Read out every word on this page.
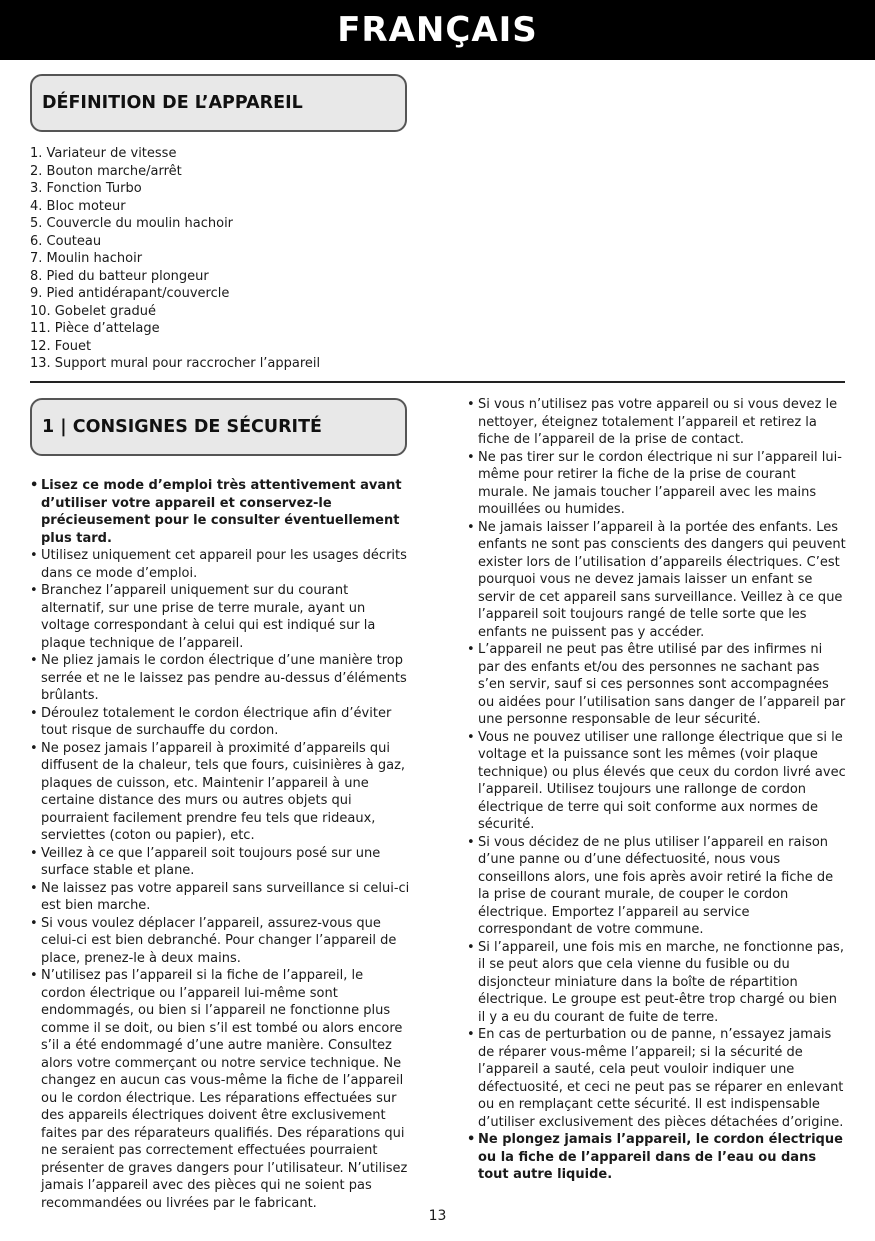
FRANÇAIS
DÉFINITION DE L’APPAREIL
1. Variateur de vitesse
2. Bouton marche/arrêt
3. Fonction Turbo
4. Bloc moteur
5. Couvercle du moulin hachoir
6. Couteau
7. Moulin hachoir
8. Pied du batteur plongeur
9. Pied antidérapant/couvercle
10. Gobelet gradué
11. Pièce d’attelage
12. Fouet
13. Support mural pour raccrocher l’appareil
1 | CONSIGNES DE SÉCURITÉ
• Lisez ce mode d’emploi très attentivement avant d’utiliser votre appareil et conservez-le précieusement pour le consulter éventuellement plus tard.
• Utilisez uniquement cet appareil pour les usages décrits dans ce mode d’emploi.
• Branchez l’appareil uniquement sur du courant alternatif, sur une prise de terre murale, ayant un voltage correspondant à celui qui est indiqué sur la plaque technique de l’appareil.
• Ne pliez jamais le cordon électrique d’une manière trop serrée et ne le laissez pas pendre au-dessus d’éléments brûlants.
• Déroulez totalement le cordon électrique afin d’éviter tout risque de surchauffe du cordon.
• Ne posez jamais l’appareil à proximité d’appareils qui diffusent de la chaleur, tels que fours, cuisinières à gaz, plaques de cuisson, etc. Maintenir l’appareil à une certaine distance des murs ou autres objets qui pourraient facilement prendre feu tels que rideaux, serviettes (coton ou papier), etc.
• Veillez à ce que l’appareil soit toujours posé sur une surface stable et plane.
• Ne laissez pas votre appareil sans surveillance si celui-ci est bien marche.
• Si vous voulez déplacer l’appareil, assurez-vous que celui-ci est bien debranché. Pour changer l’appareil de place, prenez-le à deux mains.
• N’utilisez pas l’appareil si la fiche de l’appareil, le cordon électrique ou l’appareil lui-même sont endommagés, ou bien si l’appareil ne fonctionne plus comme il se doit, ou bien s’il est tombé ou alors encore s’il a été endommagé d’une autre manière. Consultez alors votre commerçant ou notre service technique. Ne changez en aucun cas vous-même la fiche de l’appareil ou le cordon électrique. Les réparations effectuées sur des appareils électriques doivent être exclusivement faites par des réparateurs qualifiés. Des réparations qui ne seraient pas correctement effectuées pourraient présenter de graves dangers pour l’utilisateur. N’utilisez jamais l’appareil avec des pièces qui ne soient pas recommandées ou livrées par le fabricant.
• Si vous n’utilisez pas votre appareil ou si vous devez le nettoyer, éteignez totalement l’appareil et retirez la fiche de l’appareil de la prise de contact.
• Ne pas tirer sur le cordon électrique ni sur l’appareil lui-même pour retirer la fiche de la prise de courant murale. Ne jamais toucher l’appareil avec les mains mouillées ou humides.
• Ne jamais laisser l’appareil à la portée des enfants. Les enfants ne sont pas conscients des dangers qui peuvent exister lors de l’utilisation d’appareils électriques. C’est pourquoi vous ne devez jamais laisser un enfant se servir de cet appareil sans surveillance. Veillez à ce que l’appareil soit toujours rangé de telle sorte que les enfants ne puissent pas y accéder.
• L’appareil ne peut pas être utilisé par des infirmes ni par des enfants et/ou des personnes ne sachant pas s’en servir, sauf si ces personnes sont accompagnées ou aidées pour l’utilisation sans danger de l’appareil par une personne responsable de leur sécurité.
• Vous ne pouvez utiliser une rallonge électrique que si le voltage et la puissance sont les mêmes (voir plaque technique) ou plus élevés que ceux du cordon livré avec l’appareil. Utilisez toujours une rallonge de cordon électrique de terre qui soit conforme aux normes de sécurité.
• Si vous décidez de ne plus utiliser l’appareil en raison d’une panne ou d’une défectuosité, nous vous conseillons alors, une fois après avoir retiré la fiche de la prise de courant murale, de couper le cordon électrique. Emportez l’appareil au service correspondant de votre commune.
• Si l’appareil, une fois mis en marche, ne fonctionne pas, il se peut alors que cela vienne du fusible ou du disjoncteur miniature dans la boîte de répartition électrique. Le groupe est peut-être trop chargé ou bien il y a eu du courant de fuite de terre.
• En cas de perturbation ou de panne, n’essayez jamais de réparer vous-même l’appareil; si la sécurité de l’appareil a sauté, cela peut vouloir indiquer une défectuosité, et ceci ne peut pas se réparer en enlevant ou en remplaçant cette sécurité. Il est indispensable d’utiliser exclusivement des pièces détachées d’origine.
• Ne plongez jamais l’appareil, le cordon électrique ou la fiche de l’appareil dans de l’eau ou dans tout autre liquide.
13
